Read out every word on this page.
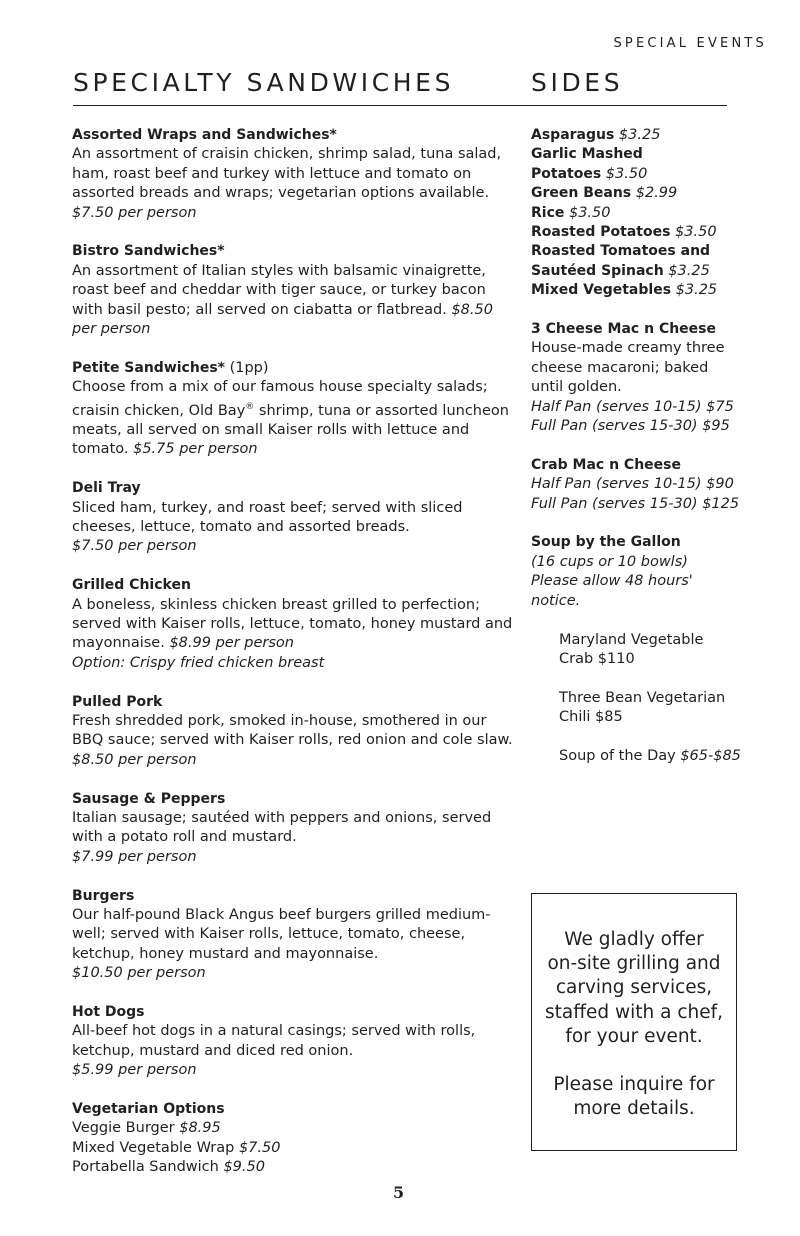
SPECIAL EVENTS
SPECIALTY SANDWICHES	SIDES
Assorted Wraps and Sandwiches*
An assortment of craisin chicken, shrimp salad, tuna salad, ham, roast beef and turkey with lettuce and tomato on assorted breads and wraps; vegetarian options available. $7.50 per person
Bistro Sandwiches*
An assortment of Italian styles with balsamic vinaigrette, roast beef and cheddar with tiger sauce, or turkey bacon with basil pesto; all served on ciabatta or flatbread. $8.50 per person
Petite Sandwiches* (1pp)
Choose from a mix of our famous house specialty salads; craisin chicken, Old Bay® shrimp, tuna or assorted luncheon meats, all served on small Kaiser rolls with lettuce and tomato. $5.75 per person
Deli Tray
Sliced ham, turkey, and roast beef; served with sliced cheeses, lettuce, tomato and assorted breads.
$7.50 per person
Grilled Chicken
A boneless, skinless chicken breast grilled to perfection; served with Kaiser rolls, lettuce, tomato, honey mustard and mayonnaise. $8.99 per person
Option: Crispy fried chicken breast
Pulled Pork
Fresh shredded pork, smoked in-house, smothered in our BBQ sauce; served with Kaiser rolls, red onion and cole slaw. $8.50 per person
Sausage & Peppers
Italian sausage; sautéed with peppers and onions, served with a potato roll and mustard.
$7.99 per person
Burgers
Our half-pound Black Angus beef burgers grilled medium-well; served with Kaiser rolls, lettuce, tomato, cheese, ketchup, honey mustard and mayonnaise.
$10.50 per person
Hot Dogs
All-beef hot dogs in a natural casings; served with rolls, ketchup, mustard and diced red onion.
$5.99 per person
Vegetarian Options
Veggie Burger $8.95
Mixed Vegetable Wrap $7.50
Portabella Sandwich $9.50
Asparagus $3.25
Garlic Mashed
Potatoes $3.50
Green Beans $2.99
Rice $3.50
Roasted Potatoes $3.50
Roasted Tomatoes and
Sautéed Spinach $3.25
Mixed Vegetables $3.25
3 Cheese Mac n Cheese
House-made creamy three
cheese macaroni; baked
until golden.
Half Pan (serves 10-15) $75
Full Pan (serves 15-30) $95
Crab Mac n Cheese
Half Pan (serves 10-15) $90
Full Pan (serves 15-30) $125
Soup by the Gallon
(16 cups or 10 bowls)
Please allow 48 hours'
notice.
Maryland Vegetable
Crab $110
Three Bean Vegetarian
Chili $85
Soup of the Day $65-$85

We gladly offer

on-site grilling and

carving services,

staffed with a chef,

for your event.

Please inquire for

more details.

5
